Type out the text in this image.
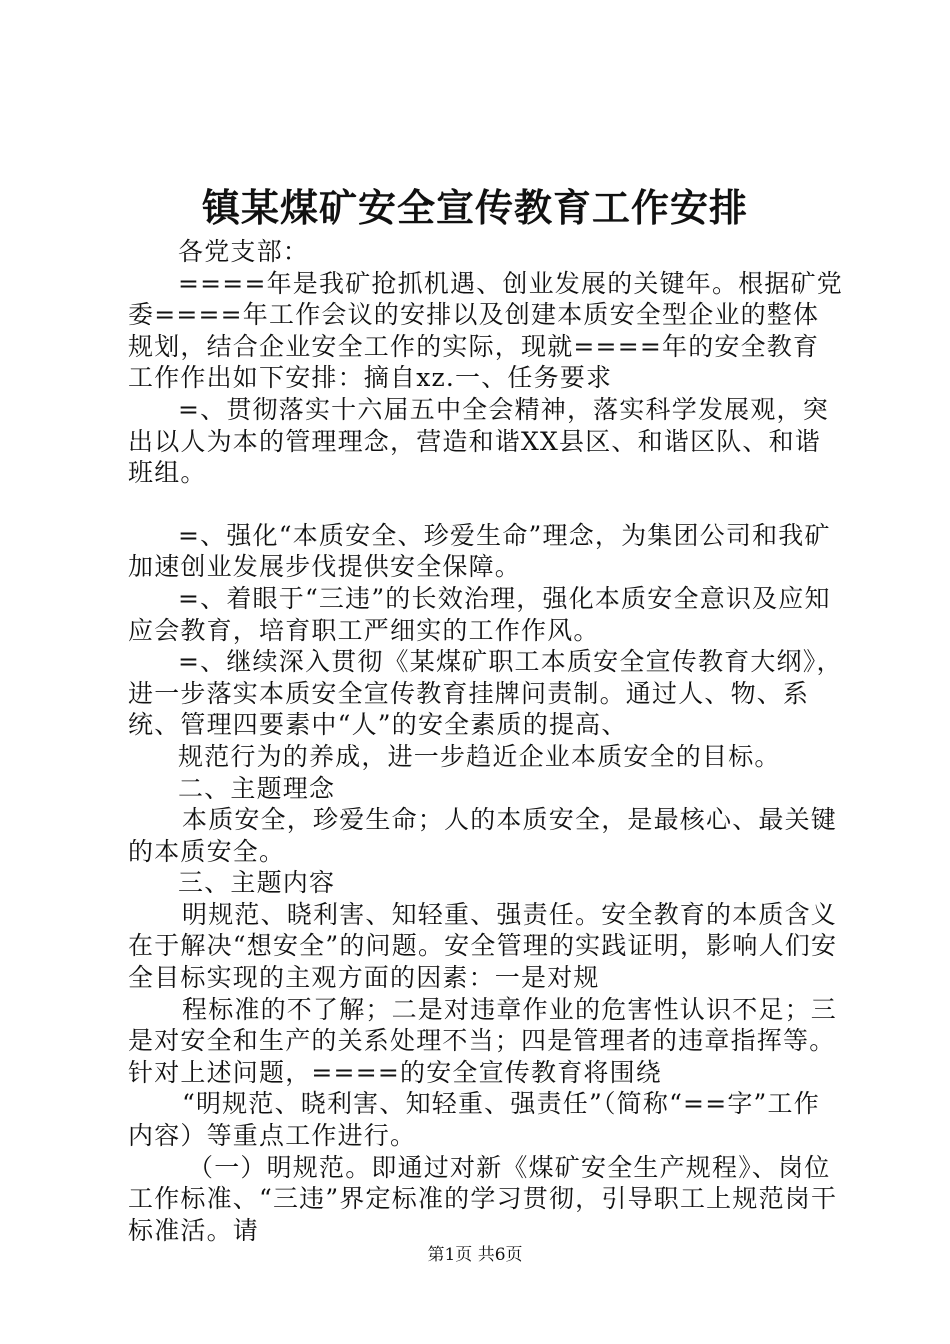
镇某煤矿安全宣传教育工作安排

各党支部：

====年是我矿抢抓机遇、创业发展的关键年。根据矿党委====年工作会议的安排以及创建本质安全型企业的整体规划，结合企业安全工作的实际，现就====年的安全教育工作作出如下安排：摘自xz.一、任务要求

=、贯彻落实十六届五中全会精神，落实科学发展观，突出以人为本的管理理念，营造和谐XX县区、和谐区队、和谐班组。

=、强化“本质安全、珍爱生命”理念，为集团公司和我矿加速创业发展步伐提供安全保障。

=、着眼于“三违”的长效治理，强化本质安全意识及应知应会教育，培育职工严细实的工作作风。

=、继续深入贯彻《某煤矿职工本质安全宣传教育大纲》，进一步落实本质安全宣传教育挂牌问责制。通过人、物、系统、管理四要素中“人”的安全素质的提高、

规范行为的养成，进一步趋近企业本质安全的目标。

二、主题理念

本质安全，珍爱生命；人的本质安全，是最核心、最关键的本质安全。

三、主题内容

明规范、晓利害、知轻重、强责任。安全教育的本质含义在于解决“想安全”的问题。安全管理的实践证明，影响人们安全目标实现的主观方面的因素：一是对规

程标准的不了解；二是对违章作业的危害性认识不足；三是对安全和生产的关系处理不当；四是管理者的违章指挥等。针对上述问题，====的安全宣传教育将围绕

“明规范、晓利害、知轻重、强责任”（简称“==字”工作内容）等重点工作进行。

（一）明规范。即通过对新《煤矿安全生产规程》、岗位工作标准、“三违”界定标准的学习贯彻，引导职工上规范岗干标准活。请

第1页 共6页
